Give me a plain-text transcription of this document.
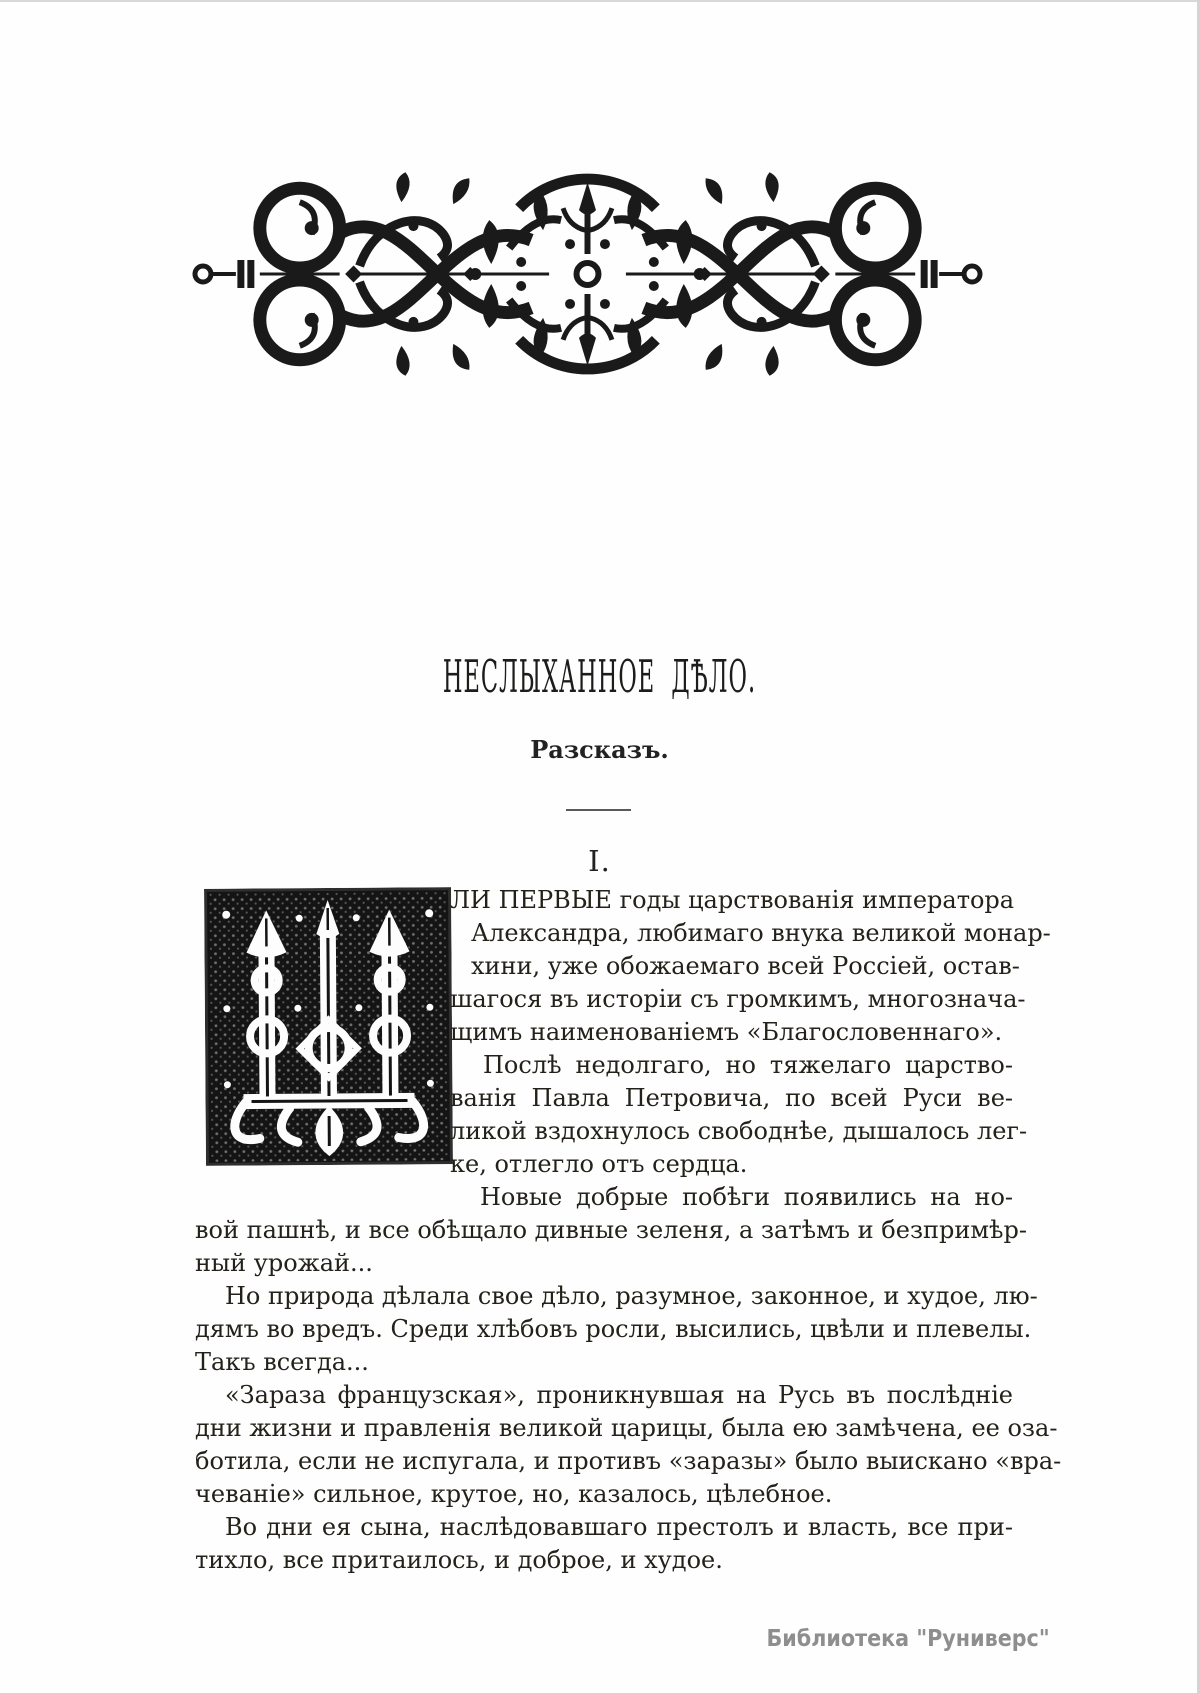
НЕСЛЫХАННОЕ ДѢЛО.
Разсказъ.
I.
ЛИ ПЕРВЫЕ годы царствованія императора
Александра, любимаго внука великой монар-
хини, уже обожаемаго всей Россіей, остав-
шагося въ исторіи съ громкимъ, многознача-
щимъ наименованіемъ «Благословеннаго».
Послѣ недолгаго, но тяжелаго царство-
ванія Павла Петровича, по всей Руси ве-
ликой вздохнулось свободнѣе, дышалось лег-
ке, отлегло отъ сердца.
Новые добрые побѣги появились на но-
вой пашнѣ, и все обѣщало дивные зеленя, а затѣмъ и безпримѣр-
ный урожай...
Но природа дѣлала свое дѣло, разумное, законное, и худое, лю-
дямъ во вредъ. Среди хлѣбовъ росли, высились, цвѣли и плевелы.
Такъ всегда...
«Зараза французская», проникнувшая на Русь въ послѣдніе
дни жизни и правленія великой царицы, была ею замѣчена, ее оза-
ботила, если не испугала, и противъ «заразы» было выискано «вра-
чеваніе» сильное, крутое, но, казалось, цѣлебное.
Во дни ея сына, наслѣдовавшаго престолъ и власть, все при-
тихло, все притаилось, и доброе, и худое.
Библиотека "Руниверс"
